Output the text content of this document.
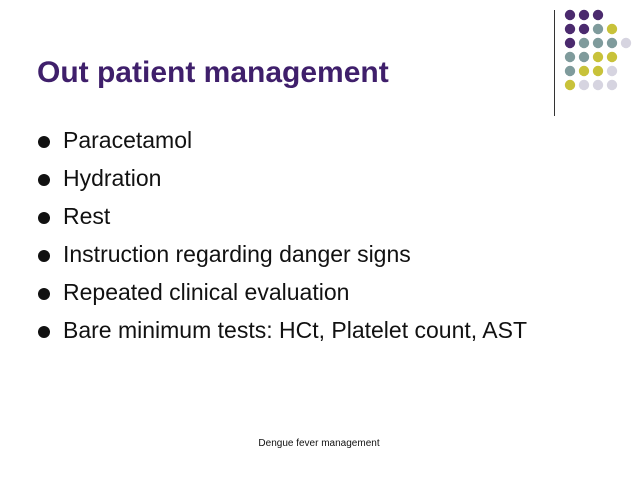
Out patient management
Paracetamol
Hydration
Rest
Instruction regarding danger signs
Repeated clinical evaluation
Bare minimum tests: HCt, Platelet count, AST
Dengue fever management
